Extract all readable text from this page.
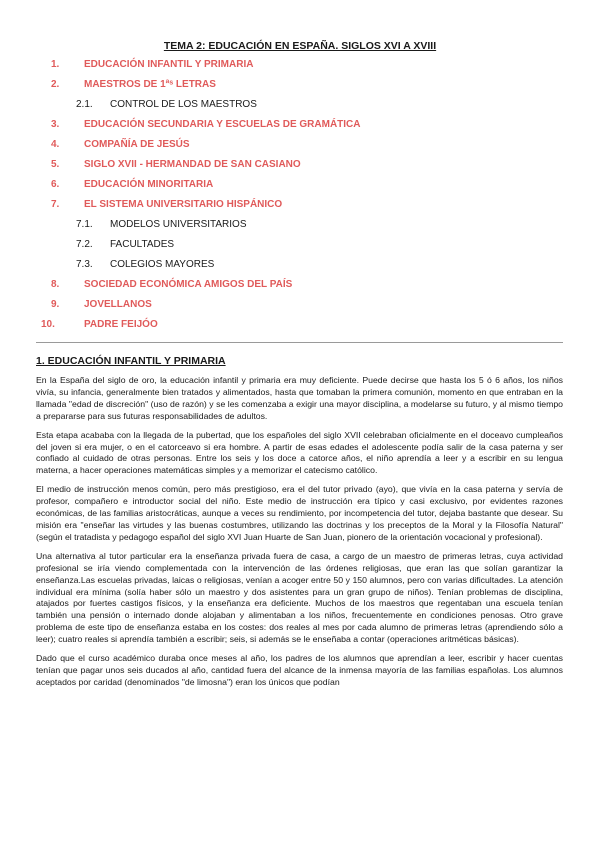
TEMA 2: EDUCACIÓN EN ESPAÑA. SIGLOS XVI A XVIII
1. EDUCACIÓN INFANTIL Y PRIMARIA
2. MAESTROS DE 1ªˢ LETRAS
2.1. CONTROL DE LOS MAESTROS
3. EDUCACIÓN SECUNDARIA Y ESCUELAS DE GRAMÁTICA
4. COMPAÑÍA DE JESÚS
5. SIGLO XVII - HERMANDAD DE SAN CASIANO
6. EDUCACIÓN MINORITARIA
7. EL SISTEMA UNIVERSITARIO HISPÁNICO
7.1. MODELOS UNIVERSITARIOS
7.2. FACULTADES
7.3. COLEGIOS MAYORES
8. SOCIEDAD ECONÓMICA AMIGOS DEL PAÍS
9. JOVELLANOS
10.	PADRE FEIJÓO
1. EDUCACIÓN INFANTIL Y PRIMARIA

En la España del siglo de oro, la educación infantil y primaria era muy deficiente. Puede decirse que hasta los 5 ó 6 años, los niños vivía, su infancia, generalmente bien tratados y alimentados, hasta que tomaban la primera comunión, momento en que entraban en la llamada "edad de discreción" (uso de razón) y se les comenzaba a exigir una mayor disciplina, a modelarse su futuro, y al mismo tiempo a prepararse para sus futuras responsabilidades de adultos.

Esta etapa acababa con la llegada de la pubertad, que los españoles del siglo XVII celebraban oficialmente en el doceavo cumpleaños del joven si era mujer, o en el catorceavo si era hombre. A partir de esas edades el adolescente podía salir de la casa paterna y ser confiado al cuidado de otras personas. Entre los seis y los doce a catorce años, el niño aprendía a leer y a escribir en su lengua materna, a hacer operaciones matemáticas simples y a memorizar el catecismo católico.

El medio de instrucción menos común, pero más prestigioso, era el del tutor privado (ayo), que vivía en la casa paterna y servía de profesor, compañero e introductor social del niño. Este medio de instrucción era típico y casi exclusivo, por evidentes razones económicas, de las familias aristocráticas, aunque a veces su rendimiento, por incompetencia del tutor, dejaba bastante que desear. Su misión era "enseñar las virtudes y las buenas costumbres, utilizando las doctrinas y los preceptos de la Moral y la Filosofía Natural"(según el tratadista y pedagogo español del siglo XVI Juan Huarte de San Juan, pionero de la orientación vocacional y profesional).

Una alternativa al tutor particular era la enseñanza privada fuera de casa, a cargo de un maestro de primeras letras, cuya actividad profesional se iría viendo complementada con la intervención de las órdenes religiosas, que eran las que solían garantizar la enseñanza.Las escuelas privadas, laicas o religiosas, venían a acoger entre 50 y 150 alumnos, pero con varias dificultades. La atención individual era mínima (solía haber sólo un maestro y dos asistentes para un gran grupo de niños). Tenían problemas de disciplina, atajados por fuertes castigos físicos, y la enseñanza era deficiente. Muchos de los maestros que regentaban una escuela tenían también una pensión o internado donde alojaban y alimentaban a los niños, frecuentemente en condiciones penosas. Otro grave problema de este tipo de enseñanza estaba en los costes: dos reales al mes por cada alumno de primeras letras (aprendiendo sólo a leer); cuatro reales si aprendía también a escribir; seis, si además se le enseñaba a contar (operaciones aritméticas básicas).

Dado que el curso académico duraba once meses al año, los padres de los alumnos que aprendían a leer, escribir y hacer cuentas tenían que pagar unos seis ducados al año, cantidad fuera del alcance de la inmensa mayoría de las familias españolas. Los alumnos aceptados por caridad (denominados "de limosna") eran los únicos que podían
